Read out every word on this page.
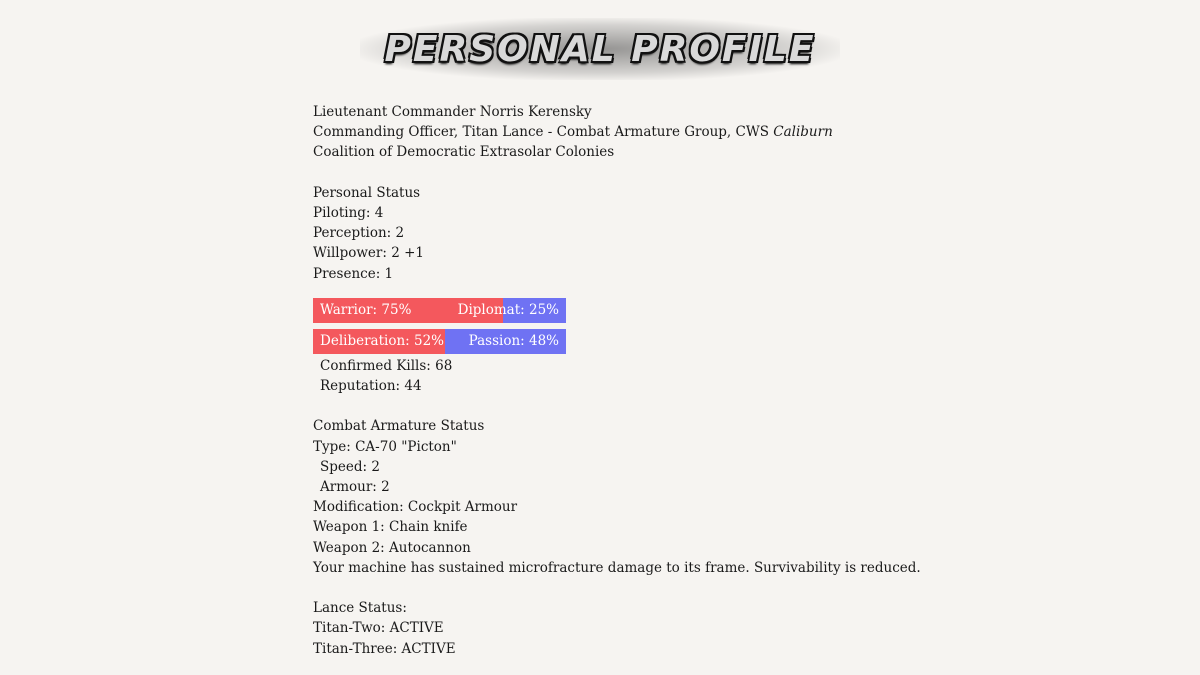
PERSONAL PROFILE
Lieutenant Commander Norris Kerensky
Commanding Officer, Titan Lance - Combat Armature Group, CWS Caliburn
Coalition of Democratic Extrasolar Colonies
Personal Status
Piloting: 4
Perception: 2
Willpower: 2 +1
Presence: 1
Warrior: 75%	Diplomat: 25%
Deliberation: 52% Passion: 48%
Confirmed Kills: 68
Reputation: 44
Combat Armature Status
Type: CA-70 "Picton"
Speed: 2
Armour: 2
Modification: Cockpit Armour
Weapon 1: Chain knife
Weapon 2: Autocannon
Your machine has sustained microfracture damage to its frame. Survivability is reduced.
Lance Status:
Titan-Two: ACTIVE
Titan-Three: ACTIVE
